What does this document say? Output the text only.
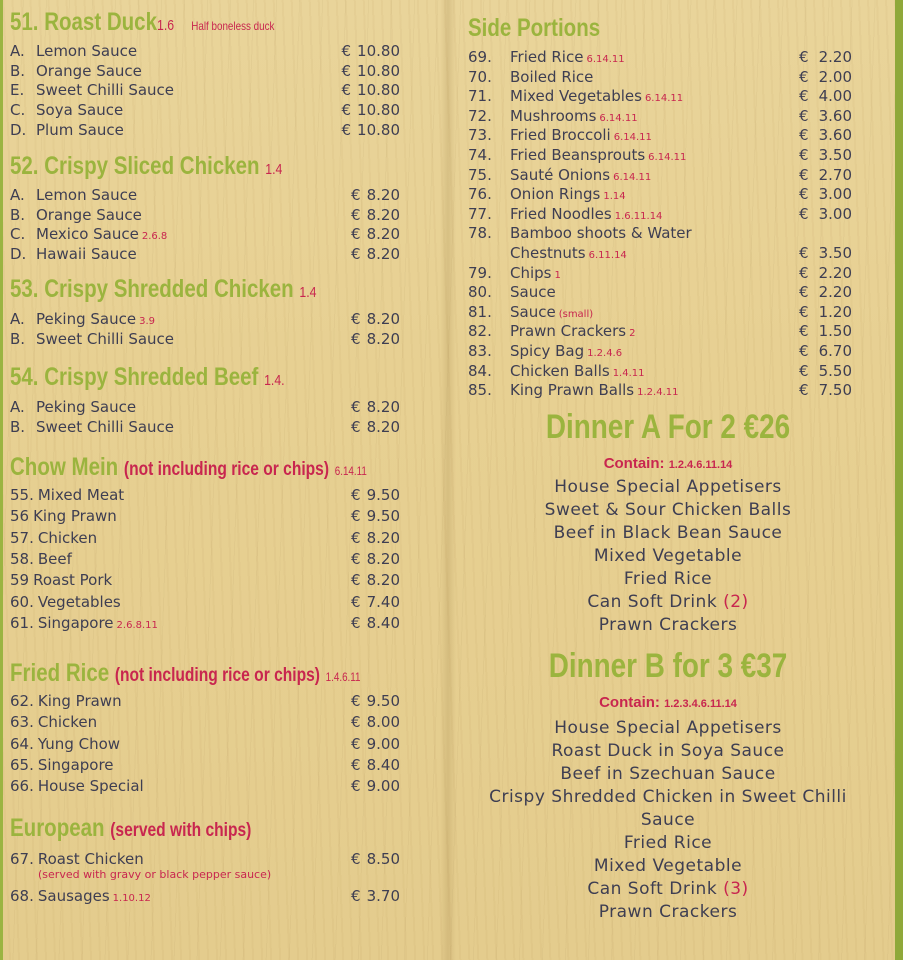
51. Roast Duck1.6 Half boneless duck
A. Lemon Sauce	€ 10.80
B. Orange Sauce	€ 10.80
E. Sweet Chilli Sauce	€ 10.80
C. Soya Sauce	€ 10.80
D. Plum Sauce	€ 10.80
52. Crispy Sliced Chicken 1.4
A. Lemon Sauce	€ 8.20
B. Orange Sauce	€ 8.20
C. Mexico Sauce 2.6.8	€ 8.20
D. Hawaii Sauce	€ 8.20
53. Crispy Shredded Chicken 1.4
A. Peking Sauce 3.9	€ 8.20
B. Sweet Chilli Sauce	€ 8.20
54. Crispy Shredded Beef 1.4.
A. Peking Sauce	€ 8.20
B. Sweet Chilli Sauce	€ 8.20
Chow Mein (not including rice or chips) 6.14.11
55. Mixed Meat	€ 9.50
56 King Prawn	€ 9.50
57. Chicken	€ 8.20
58. Beef	€ 8.20
59 Roast Pork	€ 8.20
60. Vegetables	€ 7.40
61. Singapore 2.6.8.11	€ 8.40
Fried Rice (not including rice or chips) 1.4.6.11
62. King Prawn	€ 9.50
63. Chicken	€ 8.00
64. Yung Chow	€ 9.00
65. Singapore	€ 8.40
66. House Special	€ 9.00
European (served with chips)
67. Roast Chicken	€ 8.50
(served with gravy or black pepper sauce)
68. Sausages 1.10.12	€ 3.70
Side Portions
69. Fried Rice 6.14.11	€ 2.20
70. Boiled Rice	€ 2.00
71. Mixed Vegetables 6.14.11	€ 4.00
72. Mushrooms 6.14.11	€ 3.60
73. Fried Broccoli 6.14.11	€ 3.60
74. Fried Beansprouts 6.14.11	€ 3.50
75. Sauté Onions 6.14.11	€ 2.70
76. Onion Rings 1.14	€ 3.00
77. Fried Noodles 1.6.11.14	€ 3.00
78. Bamboo shoots & Water
Chestnuts 6.11.14	€ 3.50
79. Chips 1	€ 2.20
80. Sauce	€ 2.20
81. Sauce (small)	€ 1.20
82. Prawn Crackers 2	€ 1.50
83. Spicy Bag 1.2.4.6	€ 6.70
84. Chicken Balls 1.4.11	€ 5.50
85. King Prawn Balls 1.2.4.11	€ 7.50
Dinner A For 2 €26
Contain: 1.2.4.6.11.14
House Special Appetisers
Sweet & Sour Chicken Balls
Beef in Black Bean Sauce
Mixed Vegetable
Fried Rice
Can Soft Drink (2)
Prawn Crackers
Dinner B for 3 €37
Contain: 1.2.3.4.6.11.14
House Special Appetisers
Roast Duck in Soya Sauce
Beef in Szechuan Sauce
Crispy Shredded Chicken in Sweet Chilli
Sauce
Fried Rice
Mixed Vegetable
Can Soft Drink (3)
Prawn Crackers
